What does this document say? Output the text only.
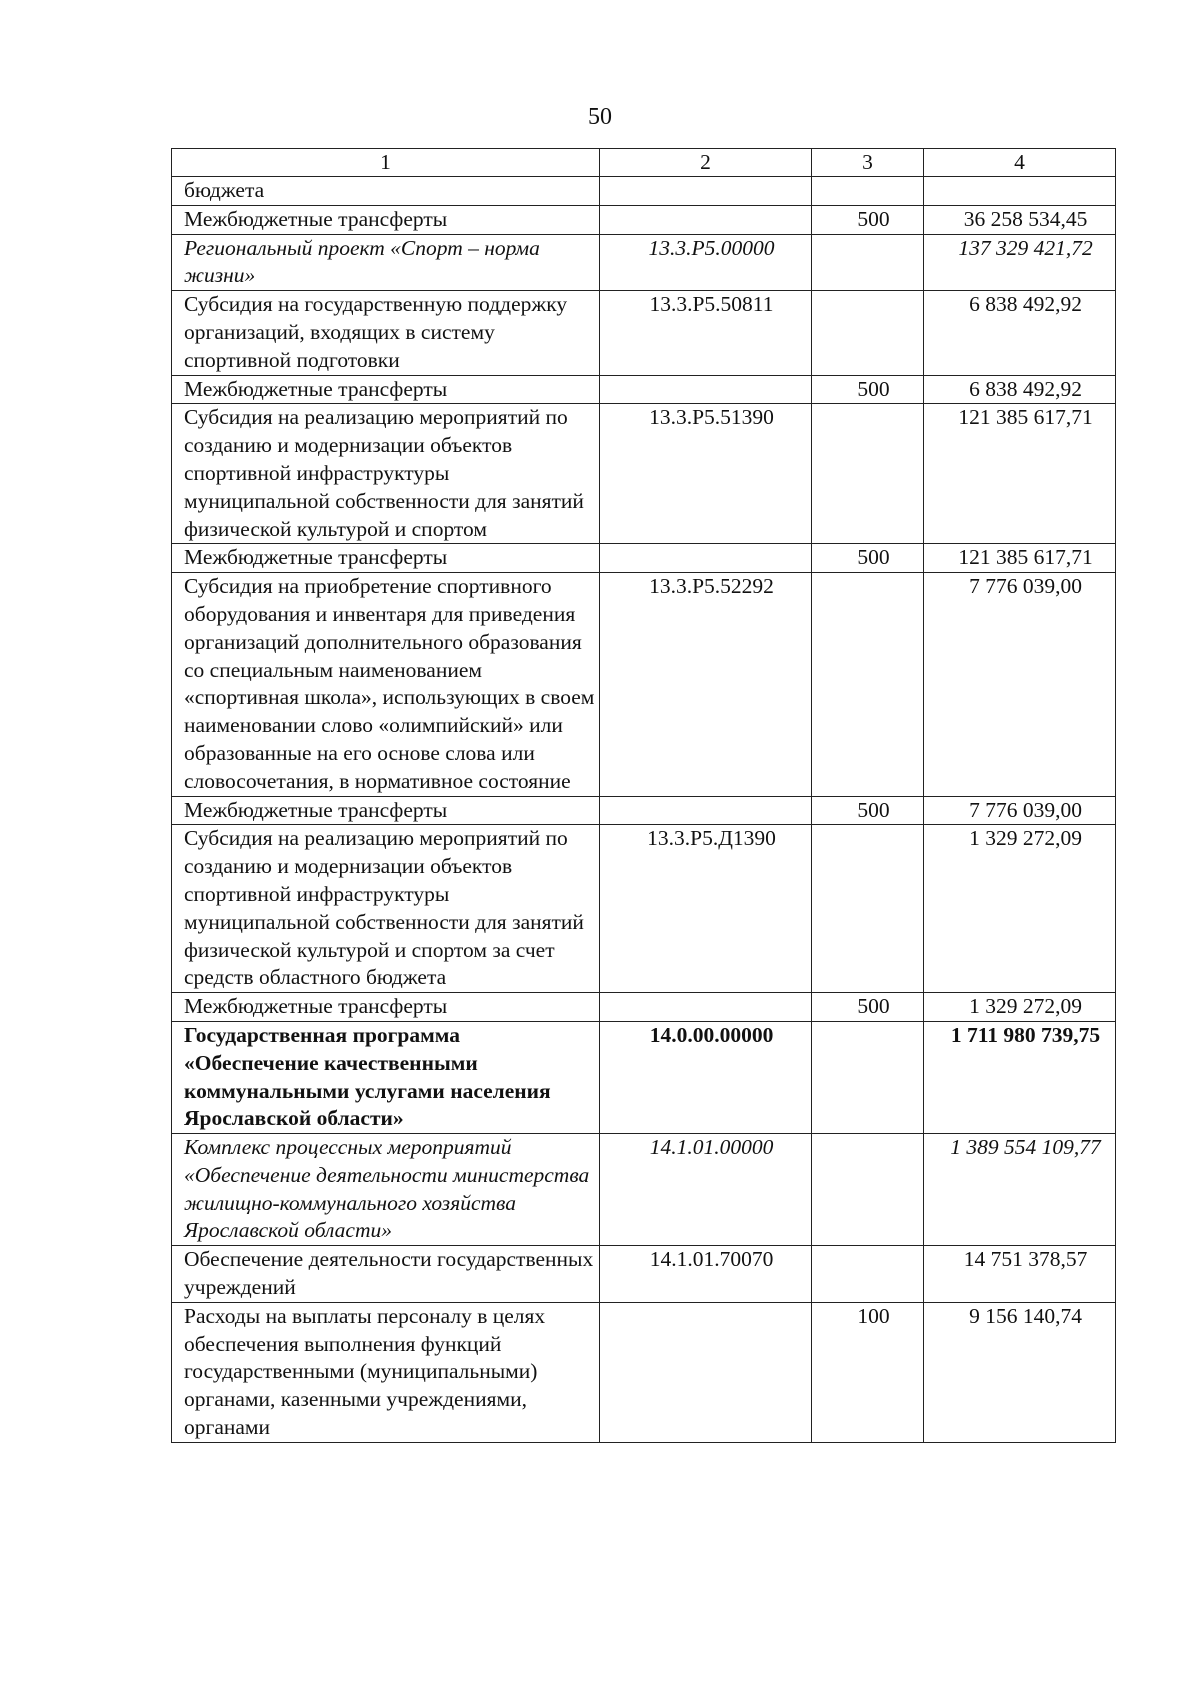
50
1	2	3	4
бюджета			
Межбюджетные трансферты		500	36 258 534,45
Региональный проект «Спорт – норма жизни»	13.3.Р5.00000		137 329 421,72
Субсидия на государственную поддержку организаций, входящих в систему спортивной подготовки	13.3.Р5.50811		6 838 492,92
Межбюджетные трансферты		500	6 838 492,92
Субсидия на реализацию мероприятий по созданию и модернизации объектов спортивной инфраструктуры муниципальной собственности для занятий физической культурой и спортом	13.3.Р5.51390		121 385 617,71
Межбюджетные трансферты		500	121 385 617,71
Субсидия на приобретение спортивного оборудования и инвентаря для приведения организаций дополнительного образования со специальным наименованием «спортивная школа», использующих в своем наименовании слово «олимпийский» или образованные на его основе слова или словосочетания, в нормативное состояние	13.3.Р5.52292		7 776 039,00
Межбюджетные трансферты		500	7 776 039,00
Субсидия на реализацию мероприятий по созданию и модернизации объектов спортивной инфраструктуры муниципальной собственности для занятий физической культурой и спортом за счет средств областного бюджета	13.3.Р5.Д1390		1 329 272,09
Межбюджетные трансферты		500	1 329 272,09
Государственная программа «Обеспечение качественными коммунальными услугами населения Ярославской области»	14.0.00.00000		1 711 980 739,75
Комплекс процессных мероприятий «Обеспечение деятельности министерства жилищно-коммунального хозяйства Ярославской области»	14.1.01.00000		1 389 554 109,77
Обеспечение деятельности государственных учреждений	14.1.01.70070		14 751 378,57
Расходы на выплаты персоналу в целях обеспечения выполнения функций государственными (муниципальными) органами, казенными учреждениями, органами		100	9 156 140,74
